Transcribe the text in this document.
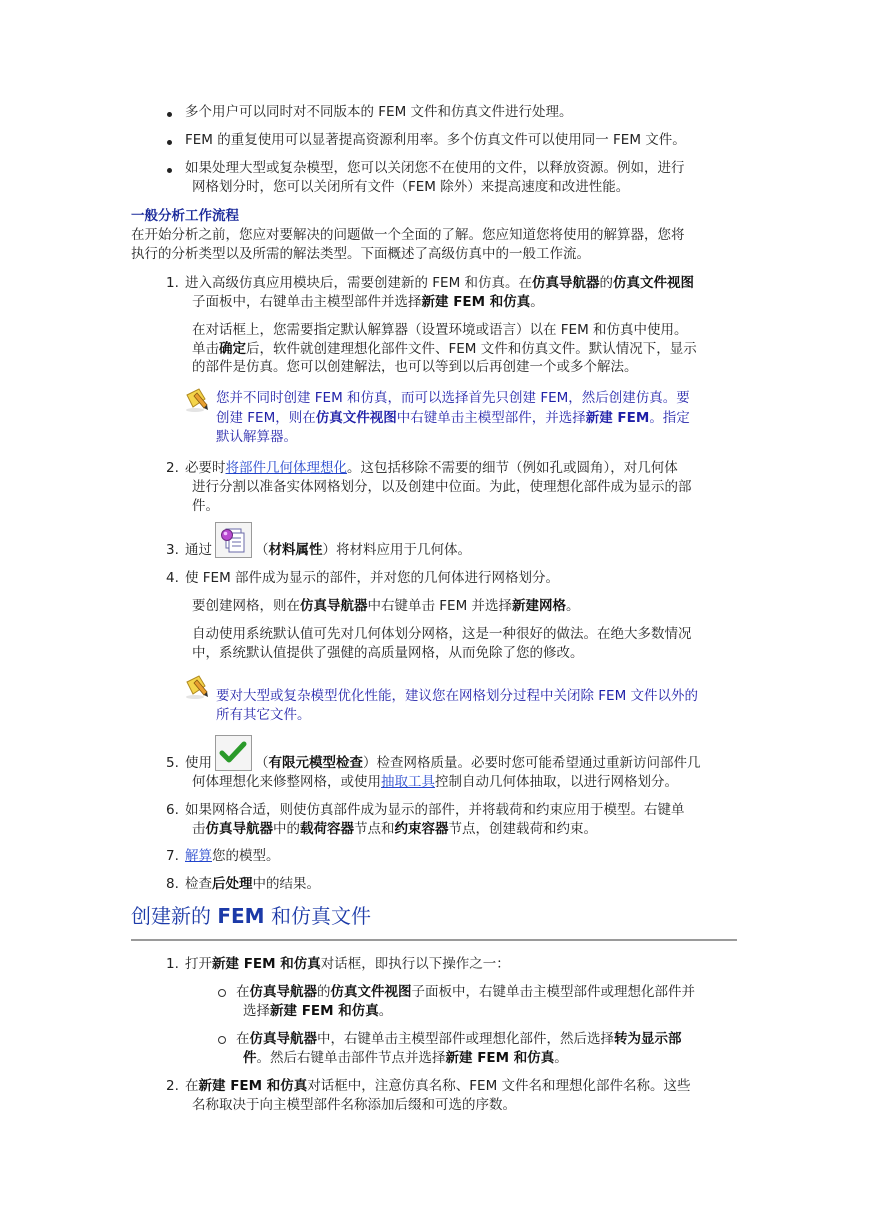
多个用户可以同时对不同版本的 FEM 文件和仿真文件进行处理。
FEM 的重复使用可以显著提高资源利用率。多个仿真文件可以使用同一 FEM 文件。
如果处理大型或复杂模型，您可以关闭您不在使用的文件，以释放资源。例如，进行
网格划分时，您可以关闭所有文件（FEM 除外）来提高速度和改进性能。
一般分析工作流程
在开始分析之前，您应对要解决的问题做一个全面的了解。您应知道您将使用的解算器，您将
执行的分析类型以及所需的解法类型。下面概述了高级仿真中的一般工作流。
1. 进入高级仿真应用模块后，需要创建新的 FEM 和仿真。在仿真导航器的仿真文件视图
子面板中，右键单击主模型部件并选择新建 FEM 和仿真。
在对话框上，您需要指定默认解算器（设置环境或语言）以在 FEM 和仿真中使用。
单击确定后，软件就创建理想化部件文件、FEM 文件和仿真文件。默认情况下，显示
的部件是仿真。您可以创建解法，也可以等到以后再创建一个或多个解法。
您并不同时创建 FEM 和仿真，而可以选择首先只创建 FEM，然后创建仿真。要
创建 FEM，则在仿真文件视图中右键单击主模型部件，并选择新建 FEM。指定
默认解算器。
2. 必要时将部件几何体理想化。这包括移除不需要的细节（例如孔或圆角），对几何体
进行分割以准备实体网格划分，以及创建中位面。为此，使理想化部件成为显示的部
件。
3. 通过	（材料属性）将材料应用于几何体。
4. 使 FEM 部件成为显示的部件，并对您的几何体进行网格划分。
要创建网格，则在仿真导航器中右键单击 FEM 并选择新建网格。
自动使用系统默认值可先对几何体划分网格，这是一种很好的做法。在绝大多数情况
中，系统默认值提供了强健的高质量网格，从而免除了您的修改。
要对大型或复杂模型优化性能，建议您在网格划分过程中关闭除 FEM 文件以外的
所有其它文件。
5. 使用	（有限元模型检查）检查网格质量。必要时您可能希望通过重新访问部件几
何体理想化来修整网格，或使用抽取工具控制自动几何体抽取，以进行网格划分。
6. 如果网格合适，则使仿真部件成为显示的部件，并将载荷和约束应用于模型。右键单
击仿真导航器中的载荷容器节点和约束容器节点，创建载荷和约束。
7. 解算您的模型。
8. 检查后处理中的结果。
创建新的 FEM 和仿真文件
1. 打开新建 FEM 和仿真对话框，即执行以下操作之一：
在仿真导航器的仿真文件视图子面板中，右键单击主模型部件或理想化部件并
选择新建 FEM 和仿真。
在仿真导航器中，右键单击主模型部件或理想化部件，然后选择转为显示部
件。然后右键单击部件节点并选择新建 FEM 和仿真。
2. 在新建 FEM 和仿真对话框中，注意仿真名称、FEM 文件名和理想化部件名称。这些
名称取决于向主模型部件名称添加后缀和可选的序数。
